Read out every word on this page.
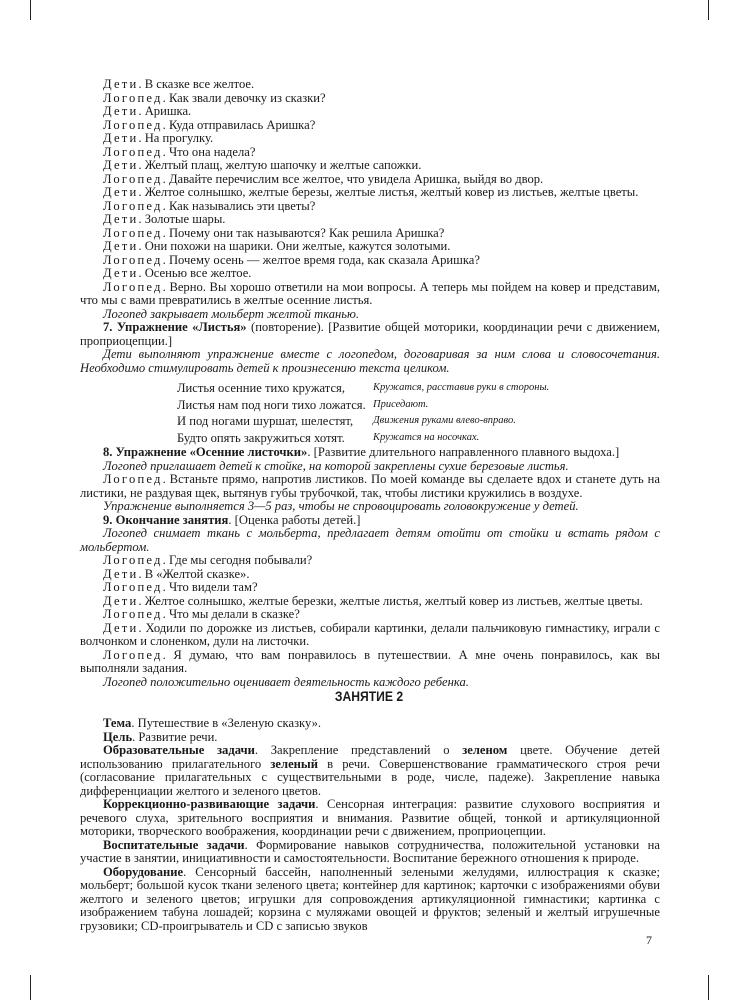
Дети. В сказке все желтое.

Логопед. Как звали девочку из сказки?

Дети. Аришка.

Логопед. Куда отправилась Аришка?

Дети. На прогулку.

Логопед. Что она надела?

Дети. Желтый плащ, желтую шапочку и желтые сапожки.

Логопед. Давайте перечислим все желтое, что увидела Аришка, выйдя во двор.

Дети. Желтое солнышко, желтые березы, желтые листья, желтый ковер из листьев, желтые цветы.

Логопед. Как назывались эти цветы?

Дети. Золотые шары.

Логопед. Почему они так называются? Как решила Аришка?

Дети. Они похожи на шарики. Они желтые, кажутся золотыми.

Логопед. Почему осень — желтое время года, как сказала Аришка?

Дети. Осенью все желтое.

Логопед. Верно. Вы хорошо ответили на мои вопросы. А теперь мы пойдем на ковер и представим, что мы с вами превратились в желтые осенние листья.

Логопед закрывает мольберт желтой тканью.

7. Упражнение «Листья» (повторение). [Развитие общей моторики, координации речи с движением, проприоцепции.]

Дети выполняют упражнение вместе с логопедом, договаривая за ним слова и словосочетания. Необходимо стимулировать детей к произнесению текста целиком.

Листья осенние тихо кружатся,	Кружатся, расставив руки в стороны.
Листья нам под ноги тихо ложатся. Приседают.
И под ногами шуршат, шелестят,	Движения руками влево-вправо.
Будто опять закружиться хотят.	Кружатся на носочках.

8. Упражнение «Осенние листочки». [Развитие длительного направленного плавного выдоха.]

Логопед приглашает детей к стойке, на которой закреплены сухие березовые листья.

Логопед. Встаньте прямо, напротив листиков. По моей команде вы сделаете вдох и станете дуть на листики, не раздувая щек, вытянув губы трубочкой, так, чтобы листики кружились в воздухе.

Упражнение выполняется 3—5 раз, чтобы не спровоцировать головокружение у детей.

9. Окончание занятия. [Оценка работы детей.]

Логопед снимает ткань с мольберта, предлагает детям отойти от стойки и встать рядом с мольбертом.

Логопед. Где мы сегодня побывали?

Дети. В «Желтой сказке».

Логопед. Что видели там?

Дети. Желтое солнышко, желтые березки, желтые листья, желтый ковер из листьев, желтые цветы.

Логопед. Что мы делали в сказке?

Дети. Ходили по дорожке из листьев, собирали картинки, делали пальчиковую гимнастику, играли с волчонком и слоненком, дули на листочки.

Логопед. Я думаю, что вам понравилось в путешествии. А мне очень понравилось, как вы выполняли задания.

Логопед положительно оценивает деятельность каждого ребенка.

ЗАНЯТИЕ 2

Тема. Путешествие в «Зеленую сказку».

Цель. Развитие речи.

Образовательные задачи. Закрепление представлений о зеленом цвете. Обучение детей использованию прилагательного зеленый в речи. Совершенствование грамматического строя речи (согласование прилагательных с существительными в роде, числе, падеже). Закрепление навыка дифференциации желтого и зеленого цветов.

Коррекционно-развивающие задачи. Сенсорная интеграция: развитие слухового восприятия и речевого слуха, зрительного восприятия и внимания. Развитие общей, тонкой и артикуляционной моторики, творческого воображения, координации речи с движением, проприоцепции.

Воспитательные задачи. Формирование навыков сотрудничества, положительной установки на участие в занятии, инициативности и самостоятельности. Воспитание бережного отношения к природе.

Оборудование. Сенсорный бассейн, наполненный зелеными желудями, иллюстрация к сказке; мольберт; большой кусок ткани зеленого цвета; контейнер для картинок; карточки с изображениями обуви желтого и зеленого цветов; игрушки для сопровождения артикуляционной гимнастики; картинка с изображением табуна лошадей; корзина с муляжами овощей и фруктов; зеленый и желтый игрушечные грузовики; CD-проигрыватель и CD с записью звуков

7
